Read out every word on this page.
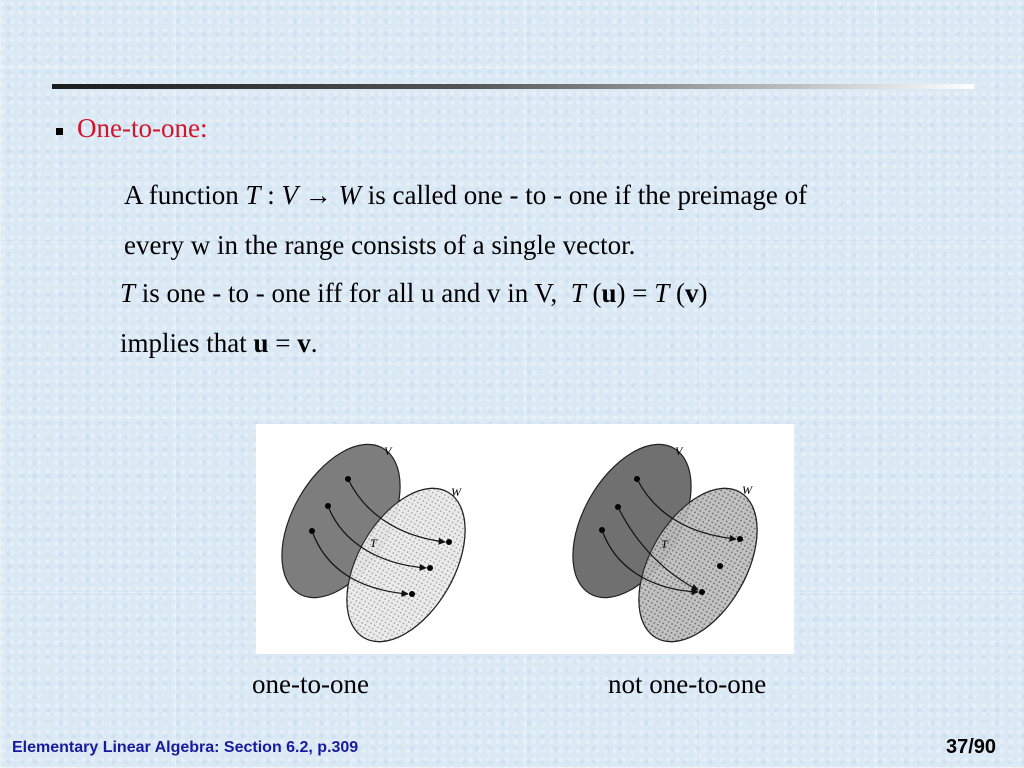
One-to-one:
A function T : V → W is called one - to - one if the preimage of
every w in the range consists of a single vector.
T is one - to - one iff for all u and v in V,  T (u) = T (v)
implies that u = v.
V
W
T
V
W
T
one-to-one	not one-to-one
Elementary Linear Algebra: Section 6.2, p.309	37/90
